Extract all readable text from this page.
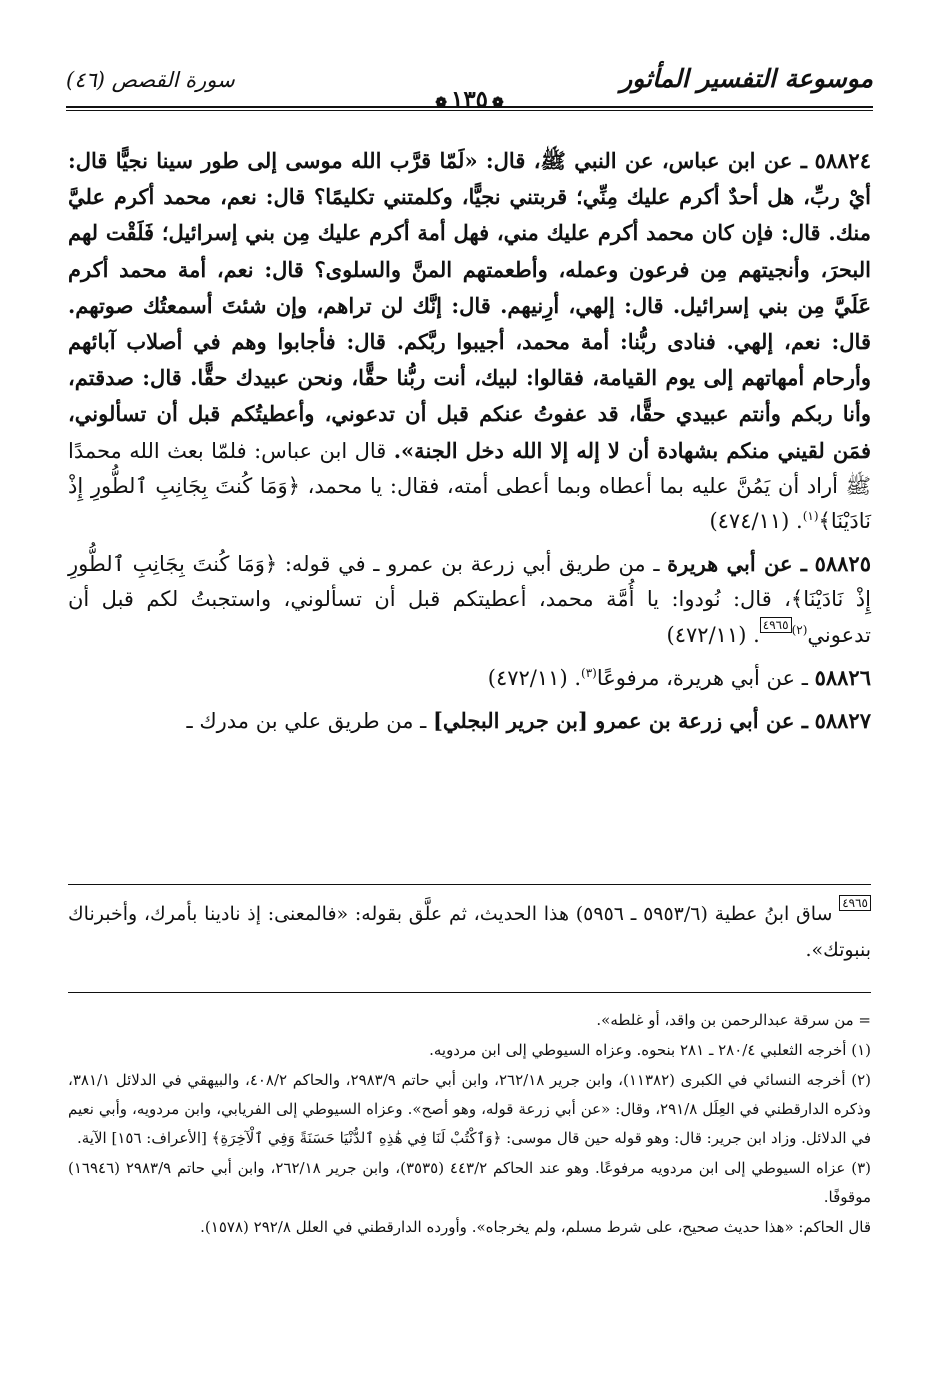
موسوعة التفسير المأثور
❁١٣٥❁
سورة القصص (٤٦)

٥٨٨٢٤ ـ عن ابن عباس، عن النبي ﷺ، قال: «لَمّا قرَّب الله موسى إلى طور سينا نجيًّا قال: أيْ ربِّ، هل أحدٌ أكرم عليك مِنِّي؛ قربتني نجيًّا، وكلمتني تكليمًا؟ قال: نعم، محمد أكرم عليَّ منك. قال: فإن كان محمد أكرم عليك مني، فهل أمة أكرم عليك مِن بني إسرائيل؛ فَلَقْت لهم البحرَ، وأنجيتهم مِن فرعون وعمله، وأطعمتهم المنَّ والسلوى؟ قال: نعم، أمة محمد أكرم عَلَيَّ مِن بني إسرائيل. قال: إلهي، أرِنيهم. قال: إنَّك لن تراهم، وإن شئتَ أسمعتُك صوتهم. قال: نعم، إلهي. فنادى ربُّنا: أمة محمد، أجيبوا ربَّكم. قال: فأجابوا وهم في أصلاب آبائهم وأرحام أمهاتهم إلى يوم القيامة، فقالوا: لبيك، أنت ربُّنا حقًّا، ونحن عبيدك حقًّا. قال: صدقتم، وأنا ربكم وأنتم عبيدي حقًّا، قد عفوتُ عنكم قبل أن تدعوني، وأعطيتُكم قبل أن تسألوني، فمَن لقيني منكم بشهادة أن لا إله إلا الله دخل الجنة». قال ابن عباس: فلمّا بعث الله محمدًا ﷺ أراد أن يَمُنَّ عليه بما أعطاه وبما أعطى أمته، فقال: يا محمد، ﴿وَمَا كُنتَ بِجَانِبِ ٱلطُّورِ إِذْ نَادَيْنَا﴾$^{(١)}$. (٤٧٤/١١)

٥٨٨٢٥ ـ عن أبي هريرة ـ من طريق أبي زرعة بن عمرو ـ في قوله: ﴿وَمَا كُنتَ بِجَانِبِ ٱلطُّورِ إِذْ نَادَيْنَا﴾، قال: نُودوا: يا أُمَّة محمد، أعطيتكم قبل أن تسألوني، واستجبتُ لكم قبل أن تدعوني$^{(٢)٤٩٦٥}$. (٤٧٢/١١)

٥٨٨٢٦ ـ عن أبي هريرة، مرفوعًا$^{(٣)}$. (٤٧٢/١١)

٥٨٨٢٧ ـ عن أبي زرعة بن عمرو [بن جرير البجلي] ـ من طريق علي بن مدرك ـ

$^{٤٩٦٥}$ ساق ابنُ عطية (٥٩٥٣/٦ ـ ٥٩٥٦) هذا الحديث، ثم علَّق بقوله: «فالمعنى: إذ نادينا بأمرك، وأخبرناك بنبوتك».

= من سرقة عبدالرحمن بن واقد، أو غلطه».

(١) أخرجه الثعلبي ٢٨٠/٤ ـ ٢٨١ بنحوه. وعزاه السيوطي إلى ابن مردويه.

(٢) أخرجه النسائي في الكبرى (١١٣٨٢)، وابن جرير ٢٦٢/١٨، وابن أبي حاتم ٢٩٨٣/٩، والحاكم ٤٠٨/٢، والبيهقي في الدلائل ٣٨١/١، وذكره الدارقطني في العِلَل ٢٩١/٨، وقال: «عن أبي زرعة قوله، وهو أصح». وعزاه السيوطي إلى الفريابي، وابن مردويه، وأبي نعيم في الدلائل. وزاد ابن جرير: قال: وهو قوله حين قال موسى: ﴿وَٱكْتُبْ لَنَا فِي هَٰذِهِ ٱلدُّنْيَا حَسَنَةً وَفِي ٱلْآخِرَةِ﴾ [الأعراف: ١٥٦] الآية.

(٣) عزاه السيوطي إلى ابن مردويه مرفوعًا. وهو عند الحاكم ٤٤٣/٢ (٣٥٣٥)، وابن جرير ٢٦٢/١٨، وابن أبي حاتم ٢٩٨٣/٩ (١٦٩٤٦) موقوفًا.

قال الحاكم: «هذا حديث صحيح، على شرط مسلم، ولم يخرجاه». وأورده الدارقطني في العلل ٢٩٢/٨ (١٥٧٨).
